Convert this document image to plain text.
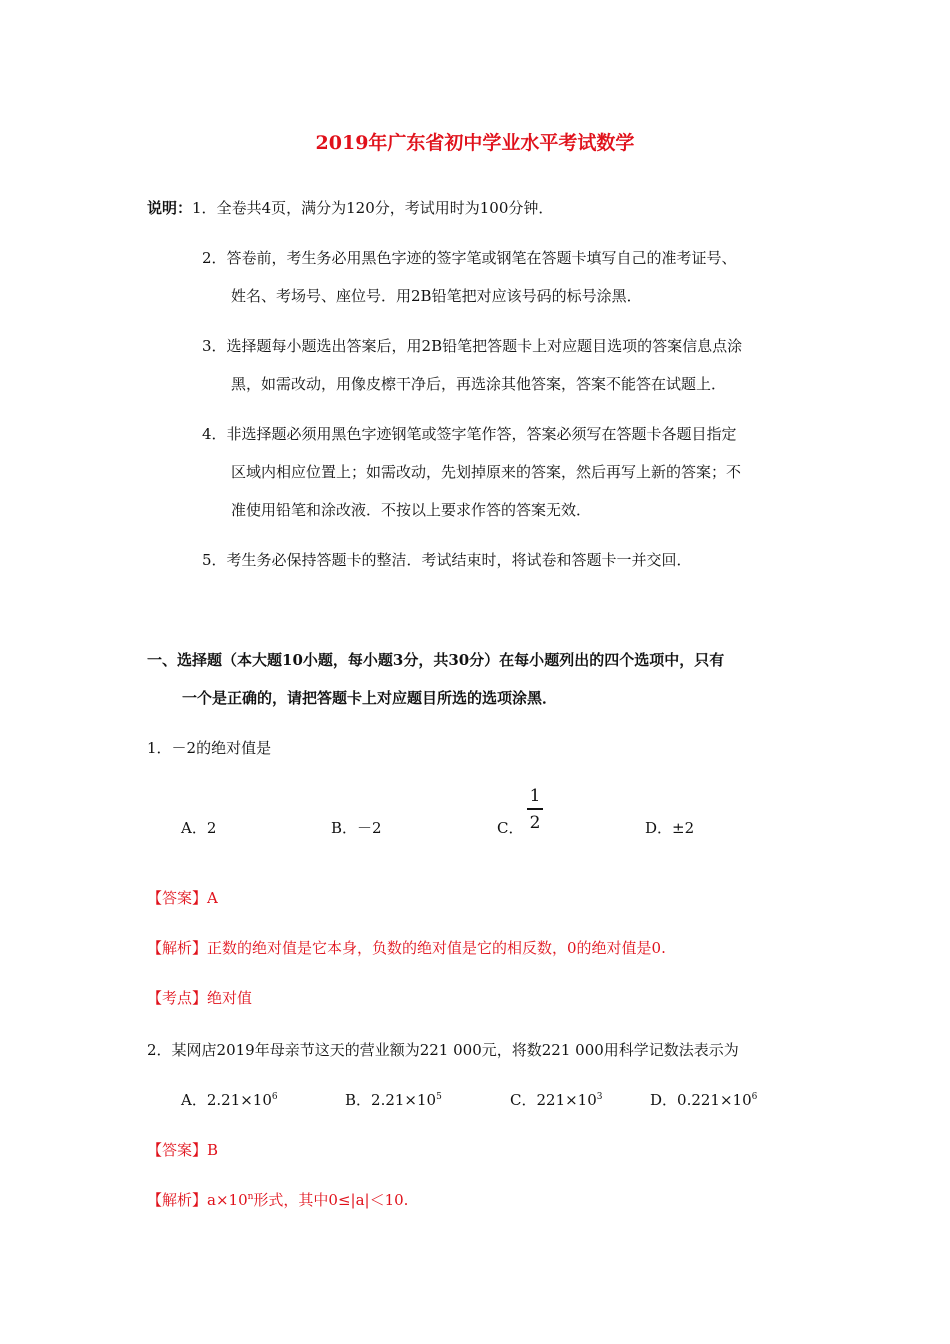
2019年广东省初中学业水平考试数学
说明：1．全卷共4页，满分为120分，考试用时为100分钟．
2．答卷前，考生务必用黑色字迹的签字笔或钢笔在答题卡填写自己的准考证号、
姓名、考场号、座位号．用2B铅笔把对应该号码的标号涂黑．
3．选择题每小题选出答案后，用2B铅笔把答题卡上对应题目选项的答案信息点涂
黑，如需改动，用像皮檫干净后，再选涂其他答案，答案不能答在试题上．
4．非选择题必须用黑色字迹钢笔或签字笔作答，答案必须写在答题卡各题目指定
区域内相应位置上；如需改动，先划掉原来的答案，然后再写上新的答案；不
准使用铅笔和涂改液．不按以上要求作答的答案无效．
5．考生务必保持答题卡的整洁．考试结束时，将试卷和答题卡一并交回．
一、选择题（本大题10小题，每小题3分，共30分）在每小题列出的四个选项中，只有
一个是正确的，请把答题卡上对应题目所选的选项涂黑．
1．－2的绝对值是
A．2	B．－2	C．
1
2	D．±2
【答案】A
【解析】正数的绝对值是它本身，负数的绝对值是它的相反数，0的绝对值是0.
【考点】绝对值
2．某网店2019年母亲节这天的营业额为221 000元，将数221 000用科学记数法表示为
A．$2.21\times 10^6$	B．$2.21\times 10^5$	C．$221\times 10^3$	D．$0.221\times 10^6$
【答案】B
【解析】$a\times 10^n$形式，其中0≤|a|＜10.
